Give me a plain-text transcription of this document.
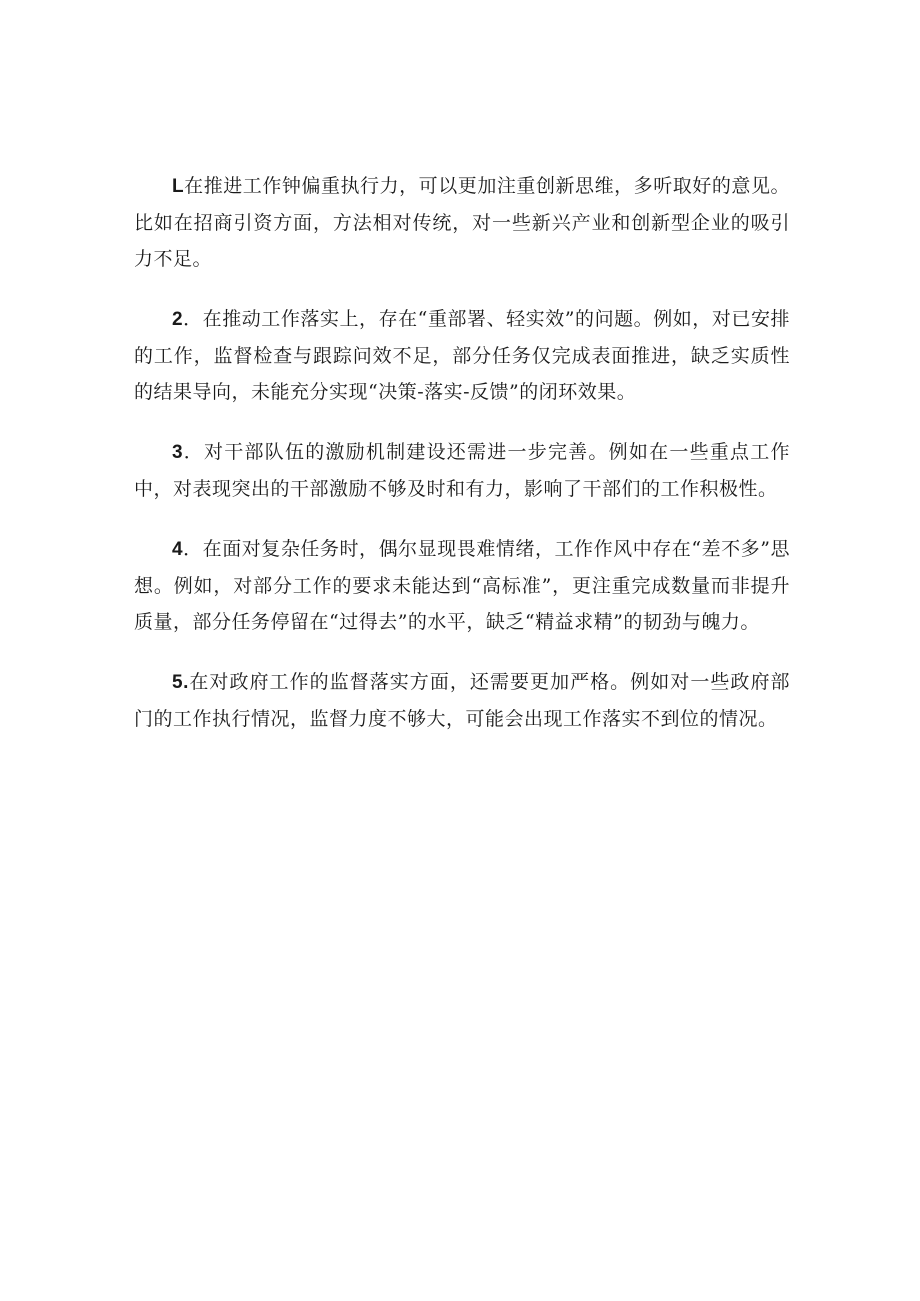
L在推进工作钟偏重执行力，可以更加注重创新思维，多听取好的意见。比如在招商引资方面，方法相对传统，对一些新兴产业和创新型企业的吸引力不足。

2．在推动工作落实上，存在“重部署、轻实效”的问题。例如，对已安排的工作，监督检查与跟踪问效不足，部分任务仅完成表面推进，缺乏实质性的结果导向，未能充分实现“决策-落实-反馈”的闭环效果。

3．对干部队伍的激励机制建设还需进一步完善。例如在一些重点工作中，对表现突出的干部激励不够及时和有力，影响了干部们的工作积极性。

4．在面对复杂任务时，偶尔显现畏难情绪，工作作风中存在“差不多”思想。例如，对部分工作的要求未能达到“高标准”，更注重完成数量而非提升质量，部分任务停留在“过得去”的水平，缺乏“精益求精”的韧劲与魄力。

5.在对政府工作的监督落实方面，还需要更加严格。例如对一些政府部门的工作执行情况，监督力度不够大，可能会出现工作落实不到位的情况。
